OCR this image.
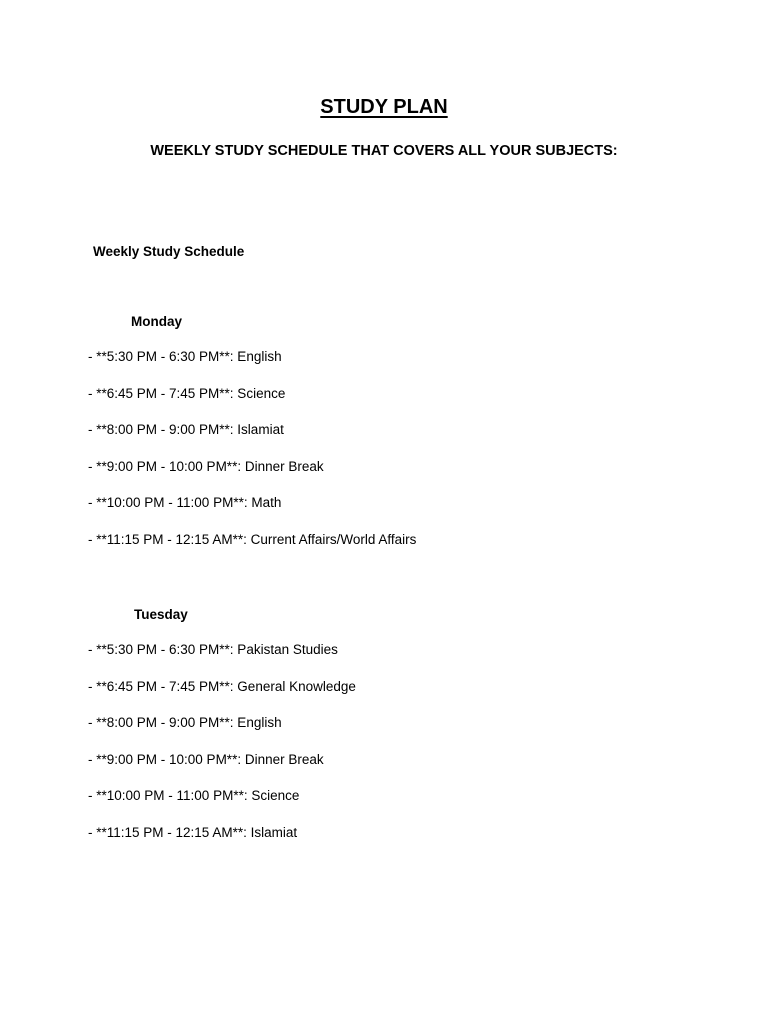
STUDY PLAN
WEEKLY STUDY SCHEDULE THAT COVERS ALL YOUR SUBJECTS:
Weekly Study Schedule
Monday
- **5:30 PM - 6:30 PM**: English
- **6:45 PM - 7:45 PM**: Science
- **8:00 PM - 9:00 PM**: Islamiat
- **9:00 PM - 10:00 PM**: Dinner Break
- **10:00 PM - 11:00 PM**: Math
- **11:15 PM - 12:15 AM**: Current Affairs/World Affairs
Tuesday
- **5:30 PM - 6:30 PM**: Pakistan Studies
- **6:45 PM - 7:45 PM**: General Knowledge
- **8:00 PM - 9:00 PM**: English
- **9:00 PM - 10:00 PM**: Dinner Break
- **10:00 PM - 11:00 PM**: Science
- **11:15 PM - 12:15 AM**: Islamiat
